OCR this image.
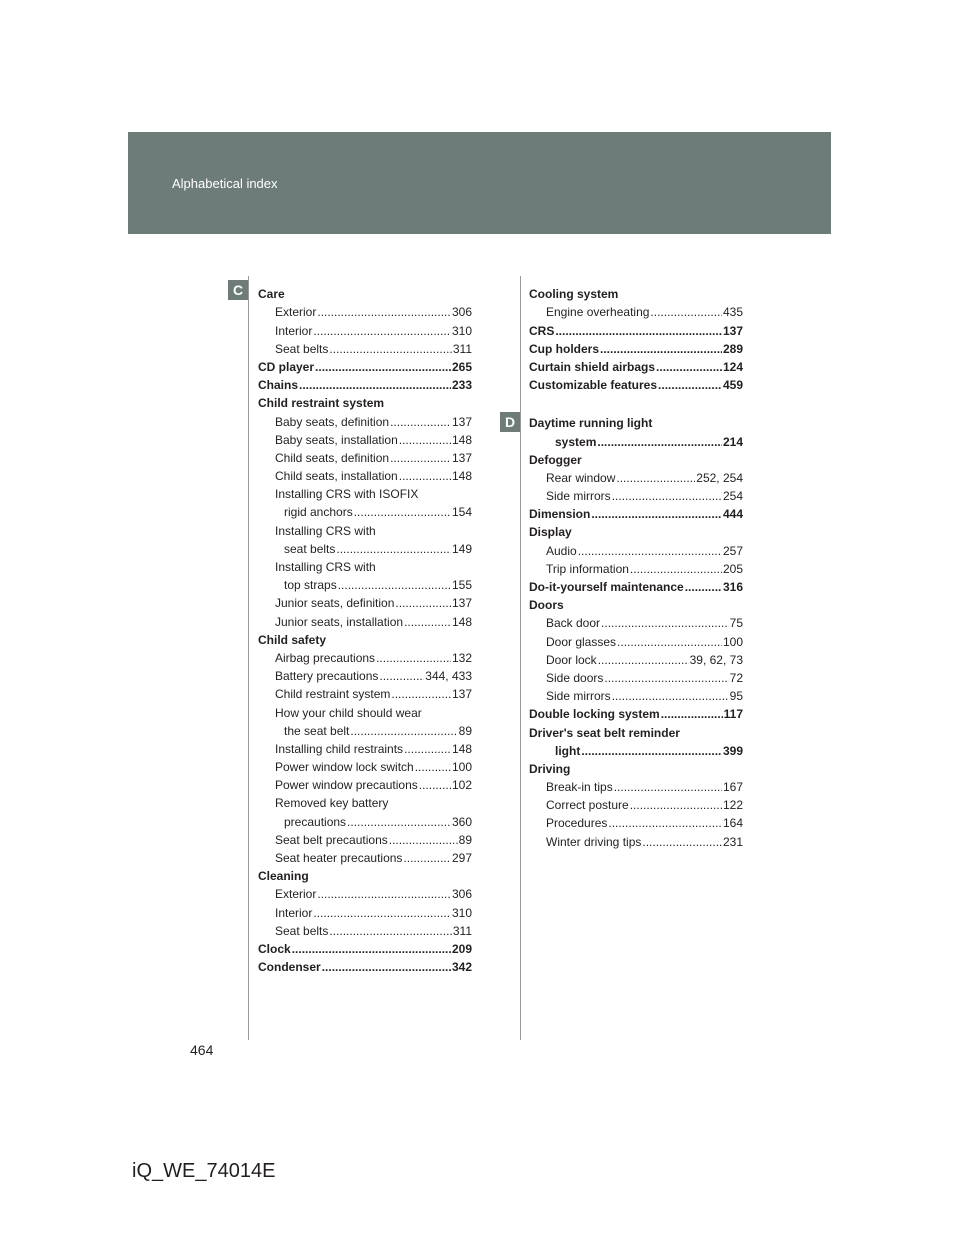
Alphabetical index
C
D
Care
Exterior .....	306
Interior .....	310
Seat belts .....	311
CD player .....	265
Chains .....	233
Child restraint system
Baby seats, definition .....	137
Baby seats, installation .....	148
Child seats, definition .....	137
Child seats, installation .....	148
Installing CRS with ISOFIX
rigid anchors .....	154
Installing CRS with
seat belts .....	149
Installing CRS with
top straps .....	155
Junior seats, definition .....	137
Junior seats, installation .....	148
Child safety
Airbag precautions .....	132
Battery precautions .....	344, 433
Child restraint system .....	137
How your child should wear
the seat belt .....	89
Installing child restraints .....	148
Power window lock switch .....	100
Power window precautions .....	102
Removed key battery
precautions .....	360
Seat belt precautions .....	89
Seat heater precautions .....	297
Cleaning
Exterior .....	306
Interior .....	310
Seat belts .....	311
Clock .....	209
Condenser .....	342
Cooling system
Engine overheating .....	435
CRS .....	137
Cup holders .....	289
Curtain shield airbags .....	124
Customizable features .....	459
Daytime running light
system .....	214
Defogger
Rear window .....	252, 254
Side mirrors .....	254
Dimension .....	444
Display
Audio .....	257
Trip information .....	205
Do-it-yourself maintenance .....	316
Doors
Back door .....	75
Door glasses .....	100
Door lock .....	39, 62, 73
Side doors .....	72
Side mirrors .....	95
Double locking system .....	117
Driver's seat belt reminder
light .....	399
Driving
Break-in tips .....	167
Correct posture .....	122
Procedures .....	164
Winter driving tips .....	231
464
iQ_WE_74014E
